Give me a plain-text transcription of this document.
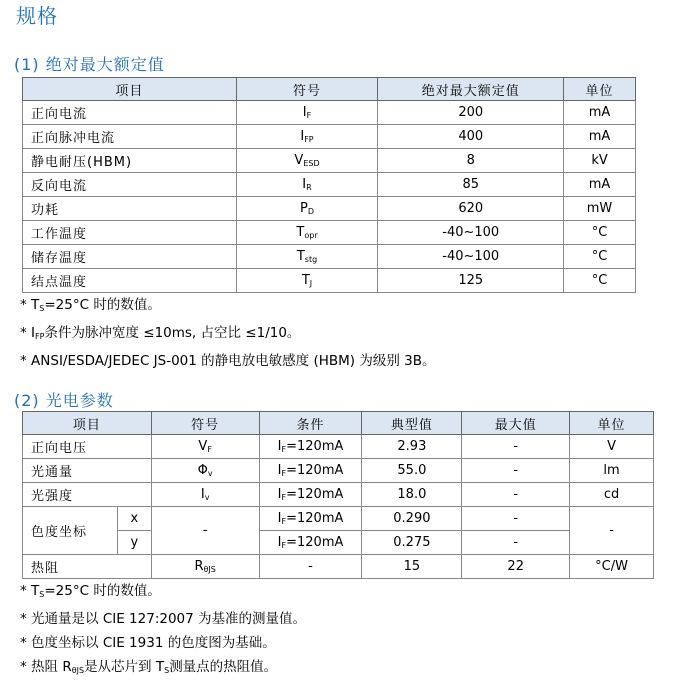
规格
(1) 绝对最大额定值
项目	符号	绝对最大额定值	单位
正向电流	$I_F$	200	mA
正向脉冲电流	$I_{FP}$	400	mA
静电耐压(HBM)	$V_{ESD}$	8	kV
反向电流	$I_R$	85	mA
功耗	$P_D$	620	mW
工作温度	$T_{opr}$	-40~100	°C
储存温度	$T_{stg}$	-40~100	°C
结点温度	$T_J$	125	°C
* $T_S=25^\circ C$ 时的数值。
* $I_{FP}$条件为脉冲宽度 ≤10ms, 占空比 ≤1/10。
* ANSI/ESDA/JEDEC JS-001 的静电放电敏感度 (HBM) 为级别 3B。
(2) 光电参数
项目		符号	条件	典型值	最大值	单位
正向电压		$V_F$	$I_F=120mA$	2.93	-	V
光通量		$\Phi_v$	$I_F=120mA$	55.0	-	lm
光强度		$I_v$	$I_F=120mA$	18.0	-	cd
色度坐标	x	-	$I_F=120mA$	0.290	-	-
	y		$I_F=120mA$	0.275	-	
热阻		$R_{\theta JS}$	-	15	22	°C/W
* $T_S=25^\circ C$ 时的数值。
* 光通量是以 CIE 127:2007 为基准的测量值。
* 色度坐标以 CIE 1931 的色度图为基础。
* 热阻 $R_{\theta JS}$是从芯片到 $T_S$测量点的热阻值。
